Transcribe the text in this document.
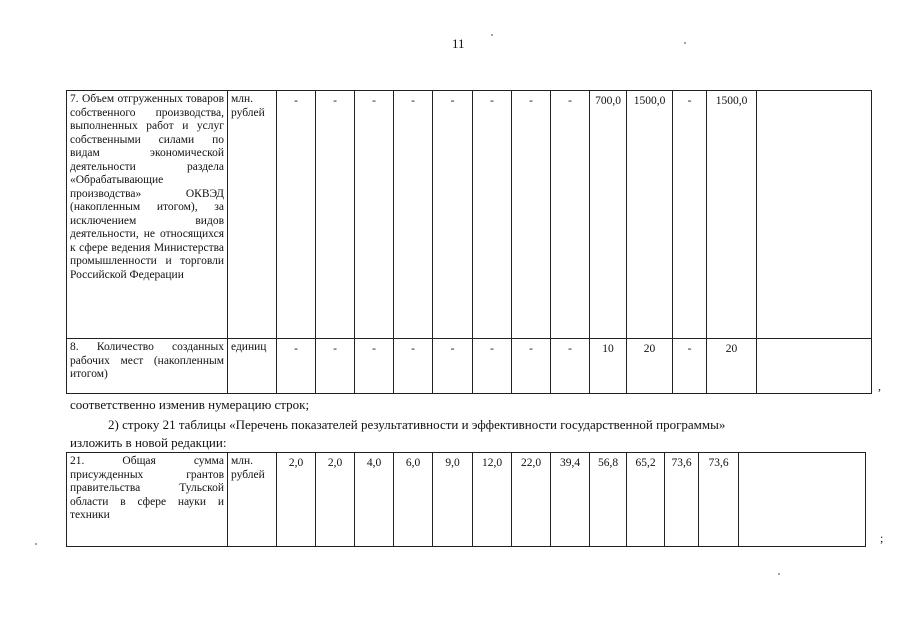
11
7. Объем отгруженных товаров собственного производства, выполненных работ и услуг собственными силами по видам экономической деятельности раздела «Обрабатывающие производства» ОКВЭД (накопленным итогом), за исключением видов деятельности, не относящихся к сфере ведения Министерства промышленности и торговли Российской Федерации	млн. рублей	-	-	-	-	-	-	-	-	700,0	1500,0	-	1500,0	
8. Количество созданных рабочих мест (накопленным итогом)	единиц	-	-	-	-	-	-	-	-	10	20	-	20	
,
соответственно изменив нумерацию строк;
2) строку 21 таблицы «Перечень показателей результативности и эффективности государственной программы»
изложить в новой редакции:
21. Общая сумма присужденных грантов правительства Тульской области в сфере науки и техники	млн. рублей	2,0	2,0	4,0	6,0	9,0	12,0	22,0	39,4	56,8	65,2	73,6	73,6	
;
